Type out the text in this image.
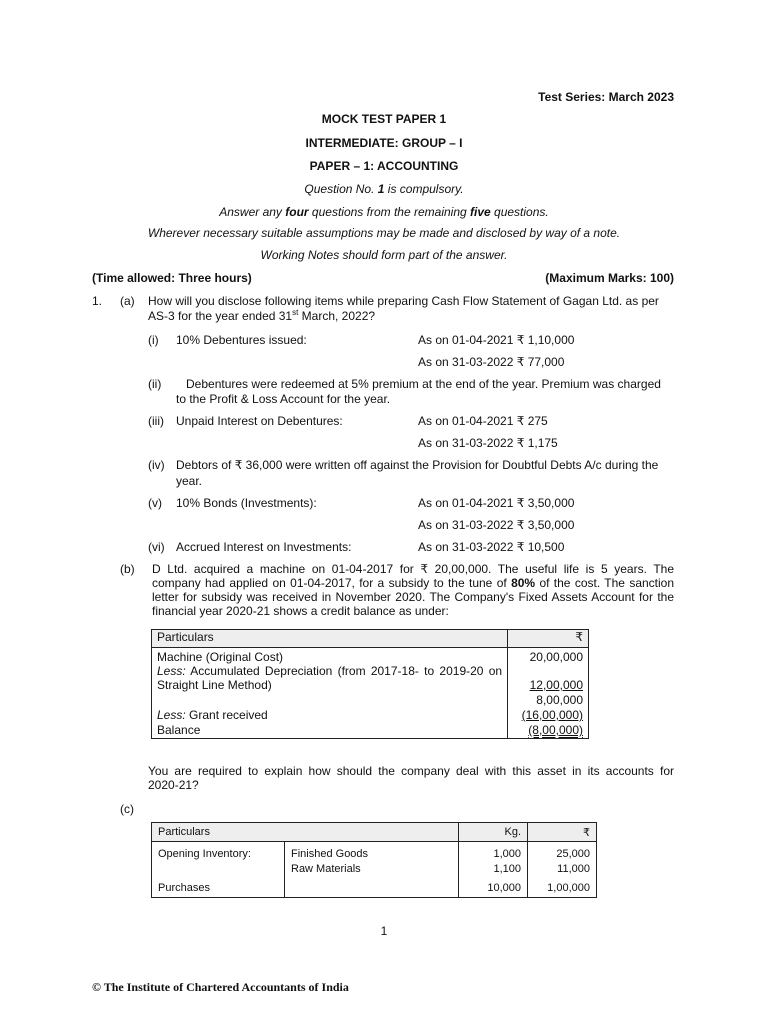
Test Series: March 2023
MOCK TEST PAPER 1
INTERMEDIATE: GROUP – I
PAPER – 1: ACCOUNTING
Question No. 1 is compulsory.
Answer any four questions from the remaining five questions.
Wherever necessary suitable assumptions may be made and disclosed by way of a note.
Working Notes should form part of the answer.
(Time allowed: Three hours)	(Maximum Marks: 100)
1. (a) How will you disclose following items while preparing Cash Flow Statement of Gagan Ltd. as per
AS-3 for the year ended 31st March, 2022?
(i) 10% Debentures issued:	As on 01-04-2021 ₹ 1,10,000
As on 31-03-2022 ₹ 77,000
(ii) Debentures were redeemed at 5% premium at the end of the year. Premium was charged
to the Profit & Loss Account for the year.
(iii) Unpaid Interest on Debentures:	As on 01-04-2021 ₹ 275
As on 31-03-2022 ₹ 1,175
(iv) Debtors of ₹ 36,000 were written off against the Provision for Doubtful Debts A/c during the
year.
(v) 10% Bonds (Investments):	As on 01-04-2021 ₹ 3,50,000
As on 31-03-2022 ₹ 3,50,000
(vi) Accrued Interest on Investments:	As on 31-03-2022 ₹ 10,500
(b) D Ltd. acquired a machine on 01-04-2017 for ₹ 20,00,000. The useful life is 5 years. The
company had applied on 01-04-2017, for a subsidy to the tune of 80% of the cost. The sanction
letter for subsidy was received in November 2020. The Company's Fixed Assets Account for the
financial year 2020-21 shows a credit balance as under:
Particulars	₹
Machine (Original Cost)	20,00,000
Less: Accumulated Depreciation (from 2017-18- to 2019-20 on Straight Line Method)	12,00,000
	8,00,000
Less: Grant received	(16,00,000)
Balance	(8,00,000)
You are required to explain how should the company deal with this asset in its accounts for
2020-21?
(c)
Particulars		Kg.	₹
Opening Inventory:	Finished Goods	1,000	25,000
	Raw Materials	1,100	11,000
Purchases		10,000	1,00,000
1
© The Institute of Chartered Accountants of India
